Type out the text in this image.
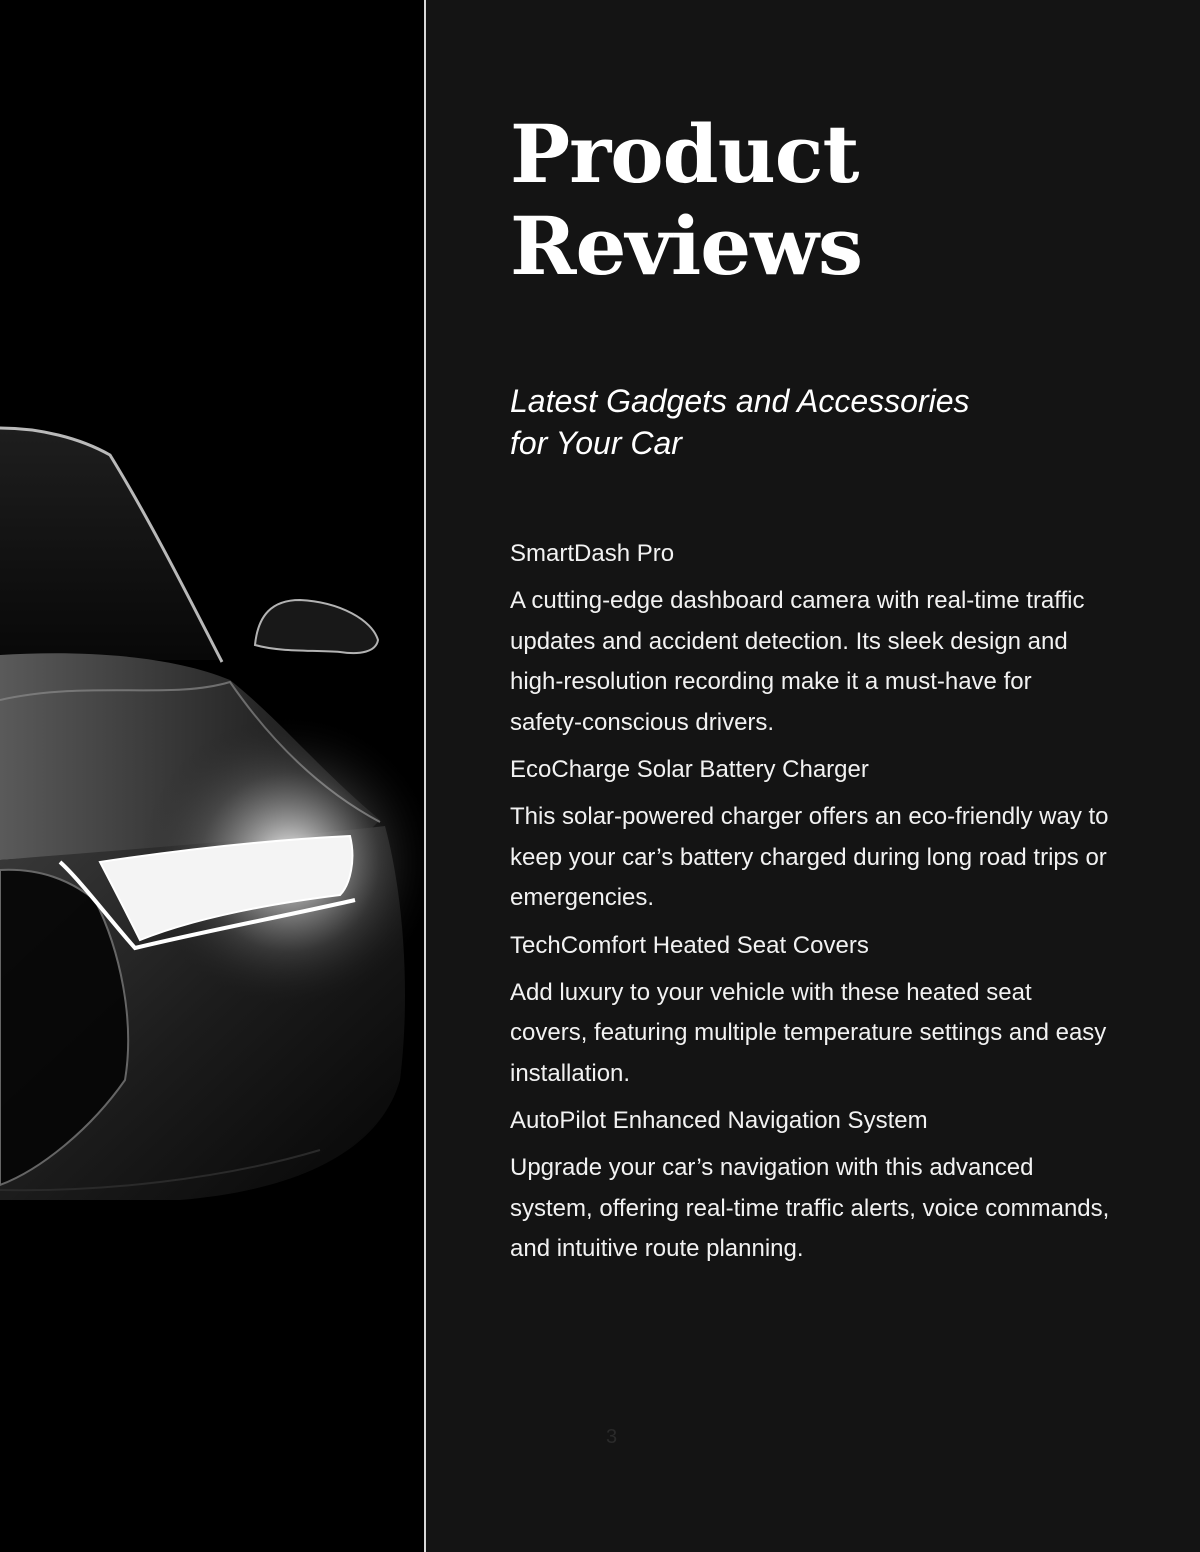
Product
Reviews
Latest Gadgets and Accessories
for Your Car

SmartDash Pro

A cutting-edge dashboard camera with real-time traffic updates and accident detection. Its sleek design and high-resolution recording make it a must-have for safety-conscious drivers.

EcoCharge Solar Battery Charger

This solar-powered charger offers an eco-friendly way to keep your car’s battery charged during long road trips or emergencies.

TechComfort Heated Seat Covers

Add luxury to your vehicle with these heated seat covers, featuring multiple temperature settings and easy installation.

AutoPilot Enhanced Navigation System

Upgrade your car’s navigation with this advanced system, offering real-time traffic alerts, voice commands, and intuitive route planning.

3
